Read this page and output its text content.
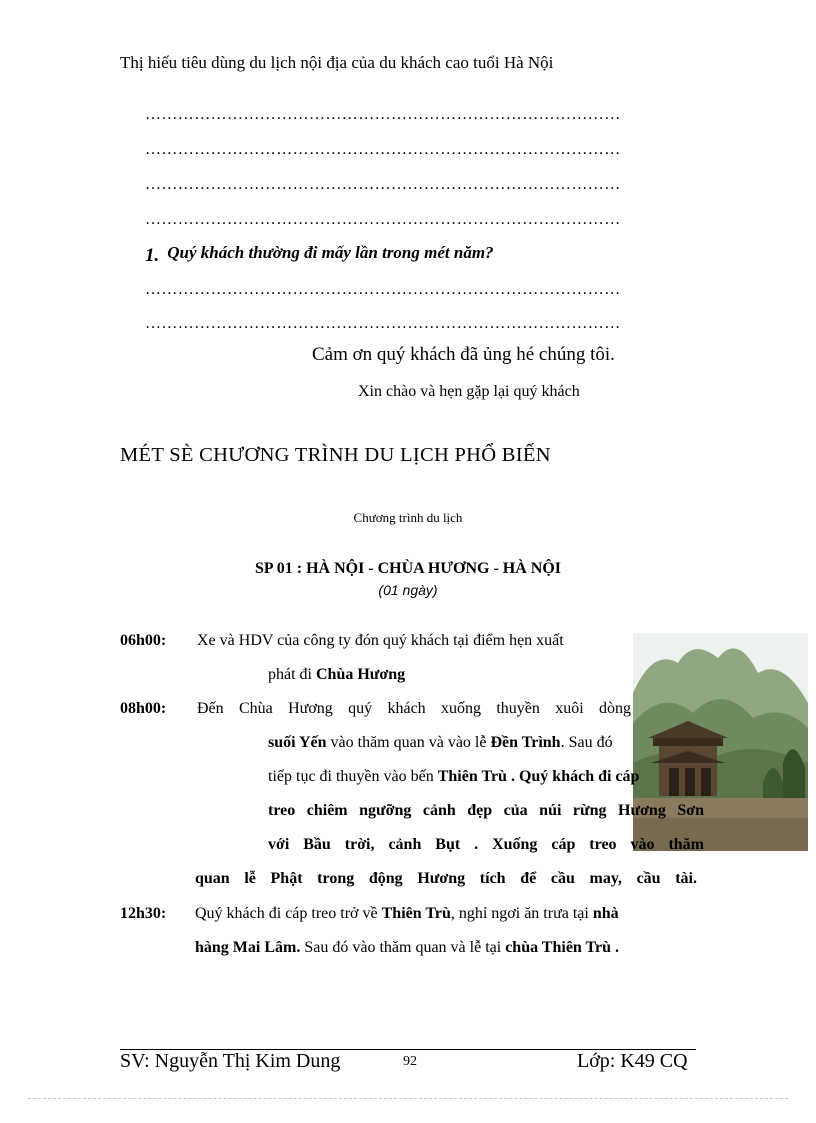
Thị hiếu tiêu dùng du lịch nội địa của du khách cao tuổi Hà Nội
……………………………………………………………………………
……………………………………………………………………………
……………………………………………………………………………
……………………………………………………………………………
1. Quý khách thường đi mấy lần trong mét năm?
……………………………………………………………………………
……………………………………………………………………………
Cảm ơn quý khách đã ủng hé chúng tôi.
Xin chào và hẹn gặp lại quý khách
MÉT SÈ CHƯƠNG TRÌNH DU LỊCH PHỔ BIẾN
Chương trình du lịch
SP 01 : HÀ NỘI - CHÙA HƯƠNG - HÀ NỘI
(01 ngày)
06h00: Xe và HDV của công ty đón quý khách tại điểm hẹn xuất
phát đi Chùa Hương
08h00: Đến Chùa Hương quý khách xuống thuyền xuôi dòng
suối Yến vào thăm quan và vào lễ Đền Trình. Sau đó
tiếp tục đi thuyền vào bến Thiên Trù . Quý khách đi cáp
treo chiêm ngưỡng cảnh đẹp của núi rừng Hương Sơn
với Bầu trời, cảnh Bụt . Xuống cáp treo vào thăm
quan lễ Phật trong động Hương tích để cầu may, cầu tài.
12h30: Quý khách đi cáp treo trở về Thiên Trù, nghỉ ngơi ăn trưa tại nhà
hàng Mai Lâm. Sau đó vào thăm quan và lễ tại chùa Thiên Trù .
SV: Nguyễn Thị Kim Dung	92	Lớp: K49 CQ
